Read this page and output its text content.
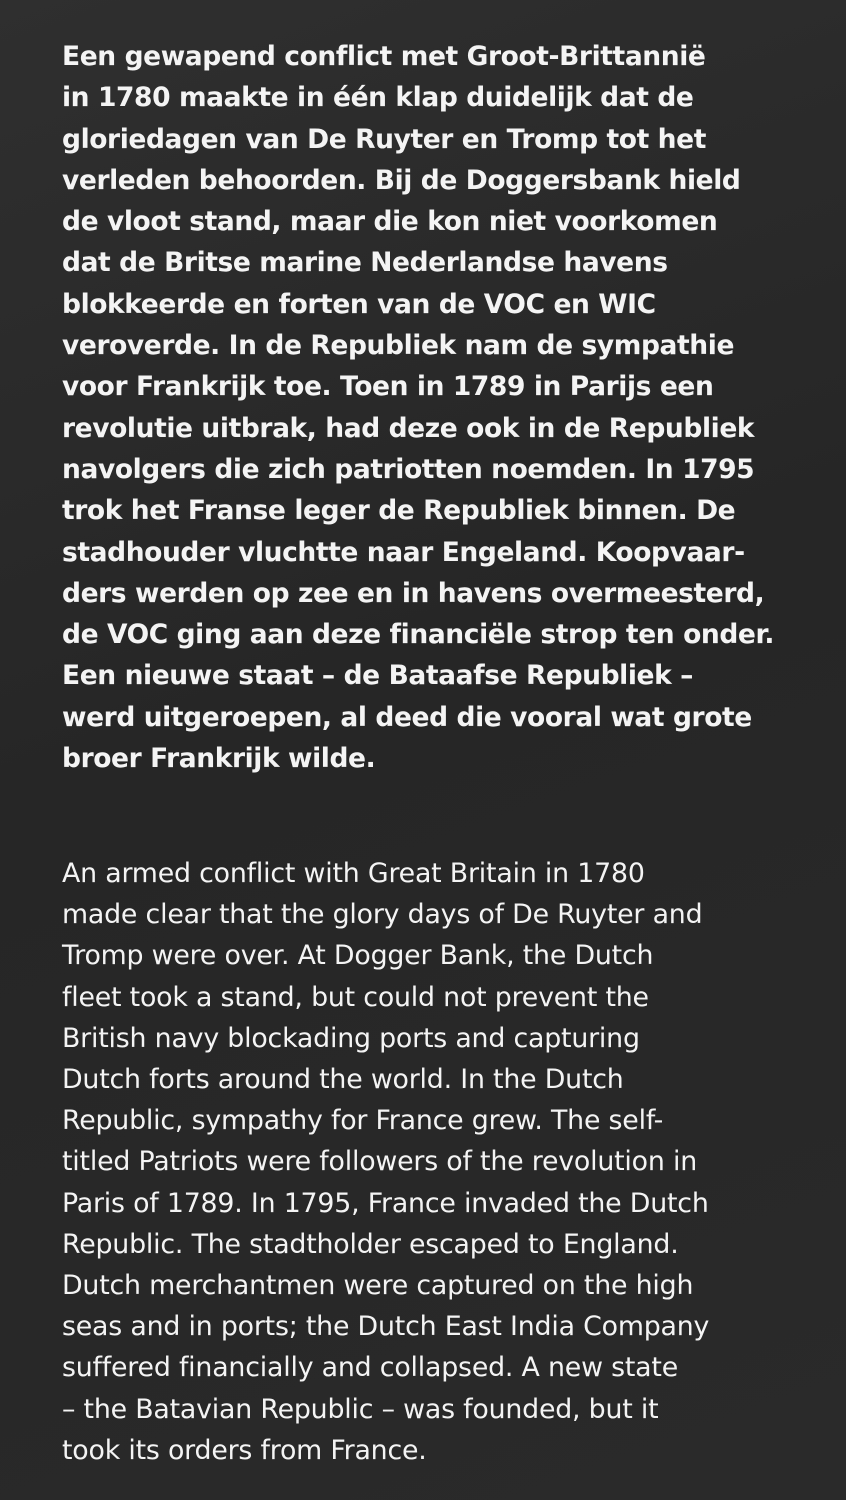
Een gewapend conflict met Groot-Brittannië
in 1780 maakte in één klap duidelijk dat de
gloriedagen van De Ruyter en Tromp tot het
verleden behoorden. Bij de Doggersbank hield
de vloot stand, maar die kon niet voorkomen
dat de Britse marine Nederlandse havens
blokkeerde en forten van de VOC en WIC
veroverde. In de Republiek nam de sympathie
voor Frankrijk toe. Toen in 1789 in Parijs een
revolutie uitbrak, had deze ook in de Republiek
navolgers die zich patriotten noemden. In 1795
trok het Franse leger de Republiek binnen. De
stadhouder vluchtte naar Engeland. Koopvaar-
ders werden op zee en in havens overmeesterd,
de VOC ging aan deze financiële strop ten onder.
Een nieuwe staat – de Bataafse Republiek –
werd uitgeroepen, al deed die vooral wat grote
broer Frankrijk wilde.

An armed conflict with Great Britain in 1780
made clear that the glory days of De Ruyter and
Tromp were over. At Dogger Bank, the Dutch
fleet took a stand, but could not prevent the
British navy blockading ports and capturing
Dutch forts around the world. In the Dutch
Republic, sympathy for France grew. The self-
titled Patriots were followers of the revolution in
Paris of 1789. In 1795, France invaded the Dutch
Republic. The stadtholder escaped to England.
Dutch merchantmen were captured on the high
seas and in ports; the Dutch East India Company
suffered financially and collapsed. A new state
– the Batavian Republic – was founded, but it
took its orders from France.
